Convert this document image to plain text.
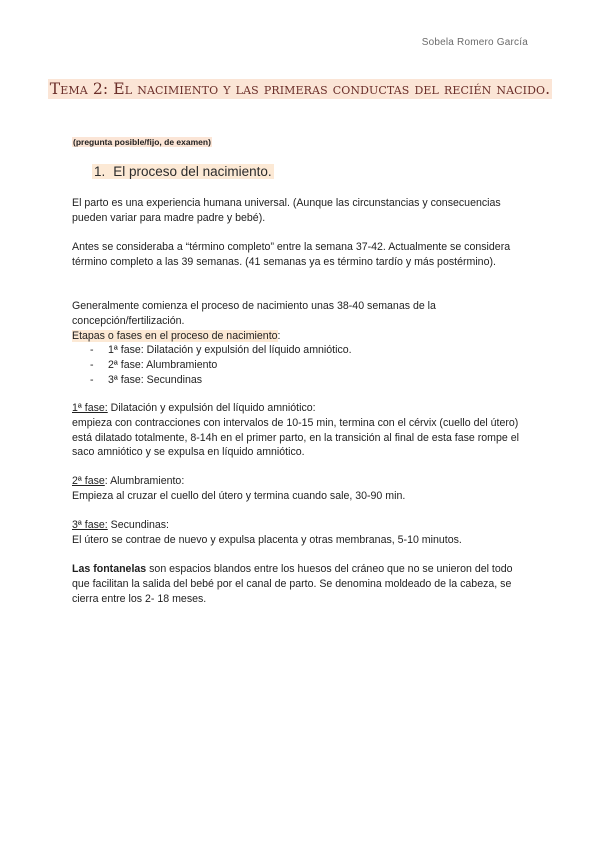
Sobela Romero García
Tema 2: El nacimiento y las primeras conductas del recién nacido.
(pregunta posible/fijo, de examen)
1. El proceso del nacimiento.
El parto es una experiencia humana universal. (Aunque las circunstancias y consecuencias pueden variar para madre padre y bebé).
Antes se consideraba a “término completo” entre la semana 37-42. Actualmente se considera término completo a las 39 semanas. (41 semanas ya es término tardío y más postérmino).
Generalmente comienza el proceso de nacimiento unas 38-40 semanas de la concepción/fertilización.
Etapas o fases en el proceso de nacimiento:
- 1ª fase: Dilatación y expulsión del líquido amniótico.
- 2ª fase: Alumbramiento
- 3ª fase: Secundinas
1ª fase: Dilatación y expulsión del líquido amniótico:
empieza con contracciones con intervalos de 10-15 min, termina con el cérvix (cuello del útero) está dilatado totalmente, 8-14h en el primer parto, en la transición al final de esta fase rompe el saco amniótico y se expulsa en líquido amniótico.
2ª fase: Alumbramiento:
Empieza al cruzar el cuello del útero y termina cuando sale, 30-90 min.
3ª fase: Secundinas:
El útero se contrae de nuevo y expulsa placenta y otras membranas, 5-10 minutos.
Las fontanelas son espacios blandos entre los huesos del cráneo que no se unieron del todo que facilitan la salida del bebé por el canal de parto. Se denomina moldeado de la cabeza, se cierra entre los 2- 18 meses.
